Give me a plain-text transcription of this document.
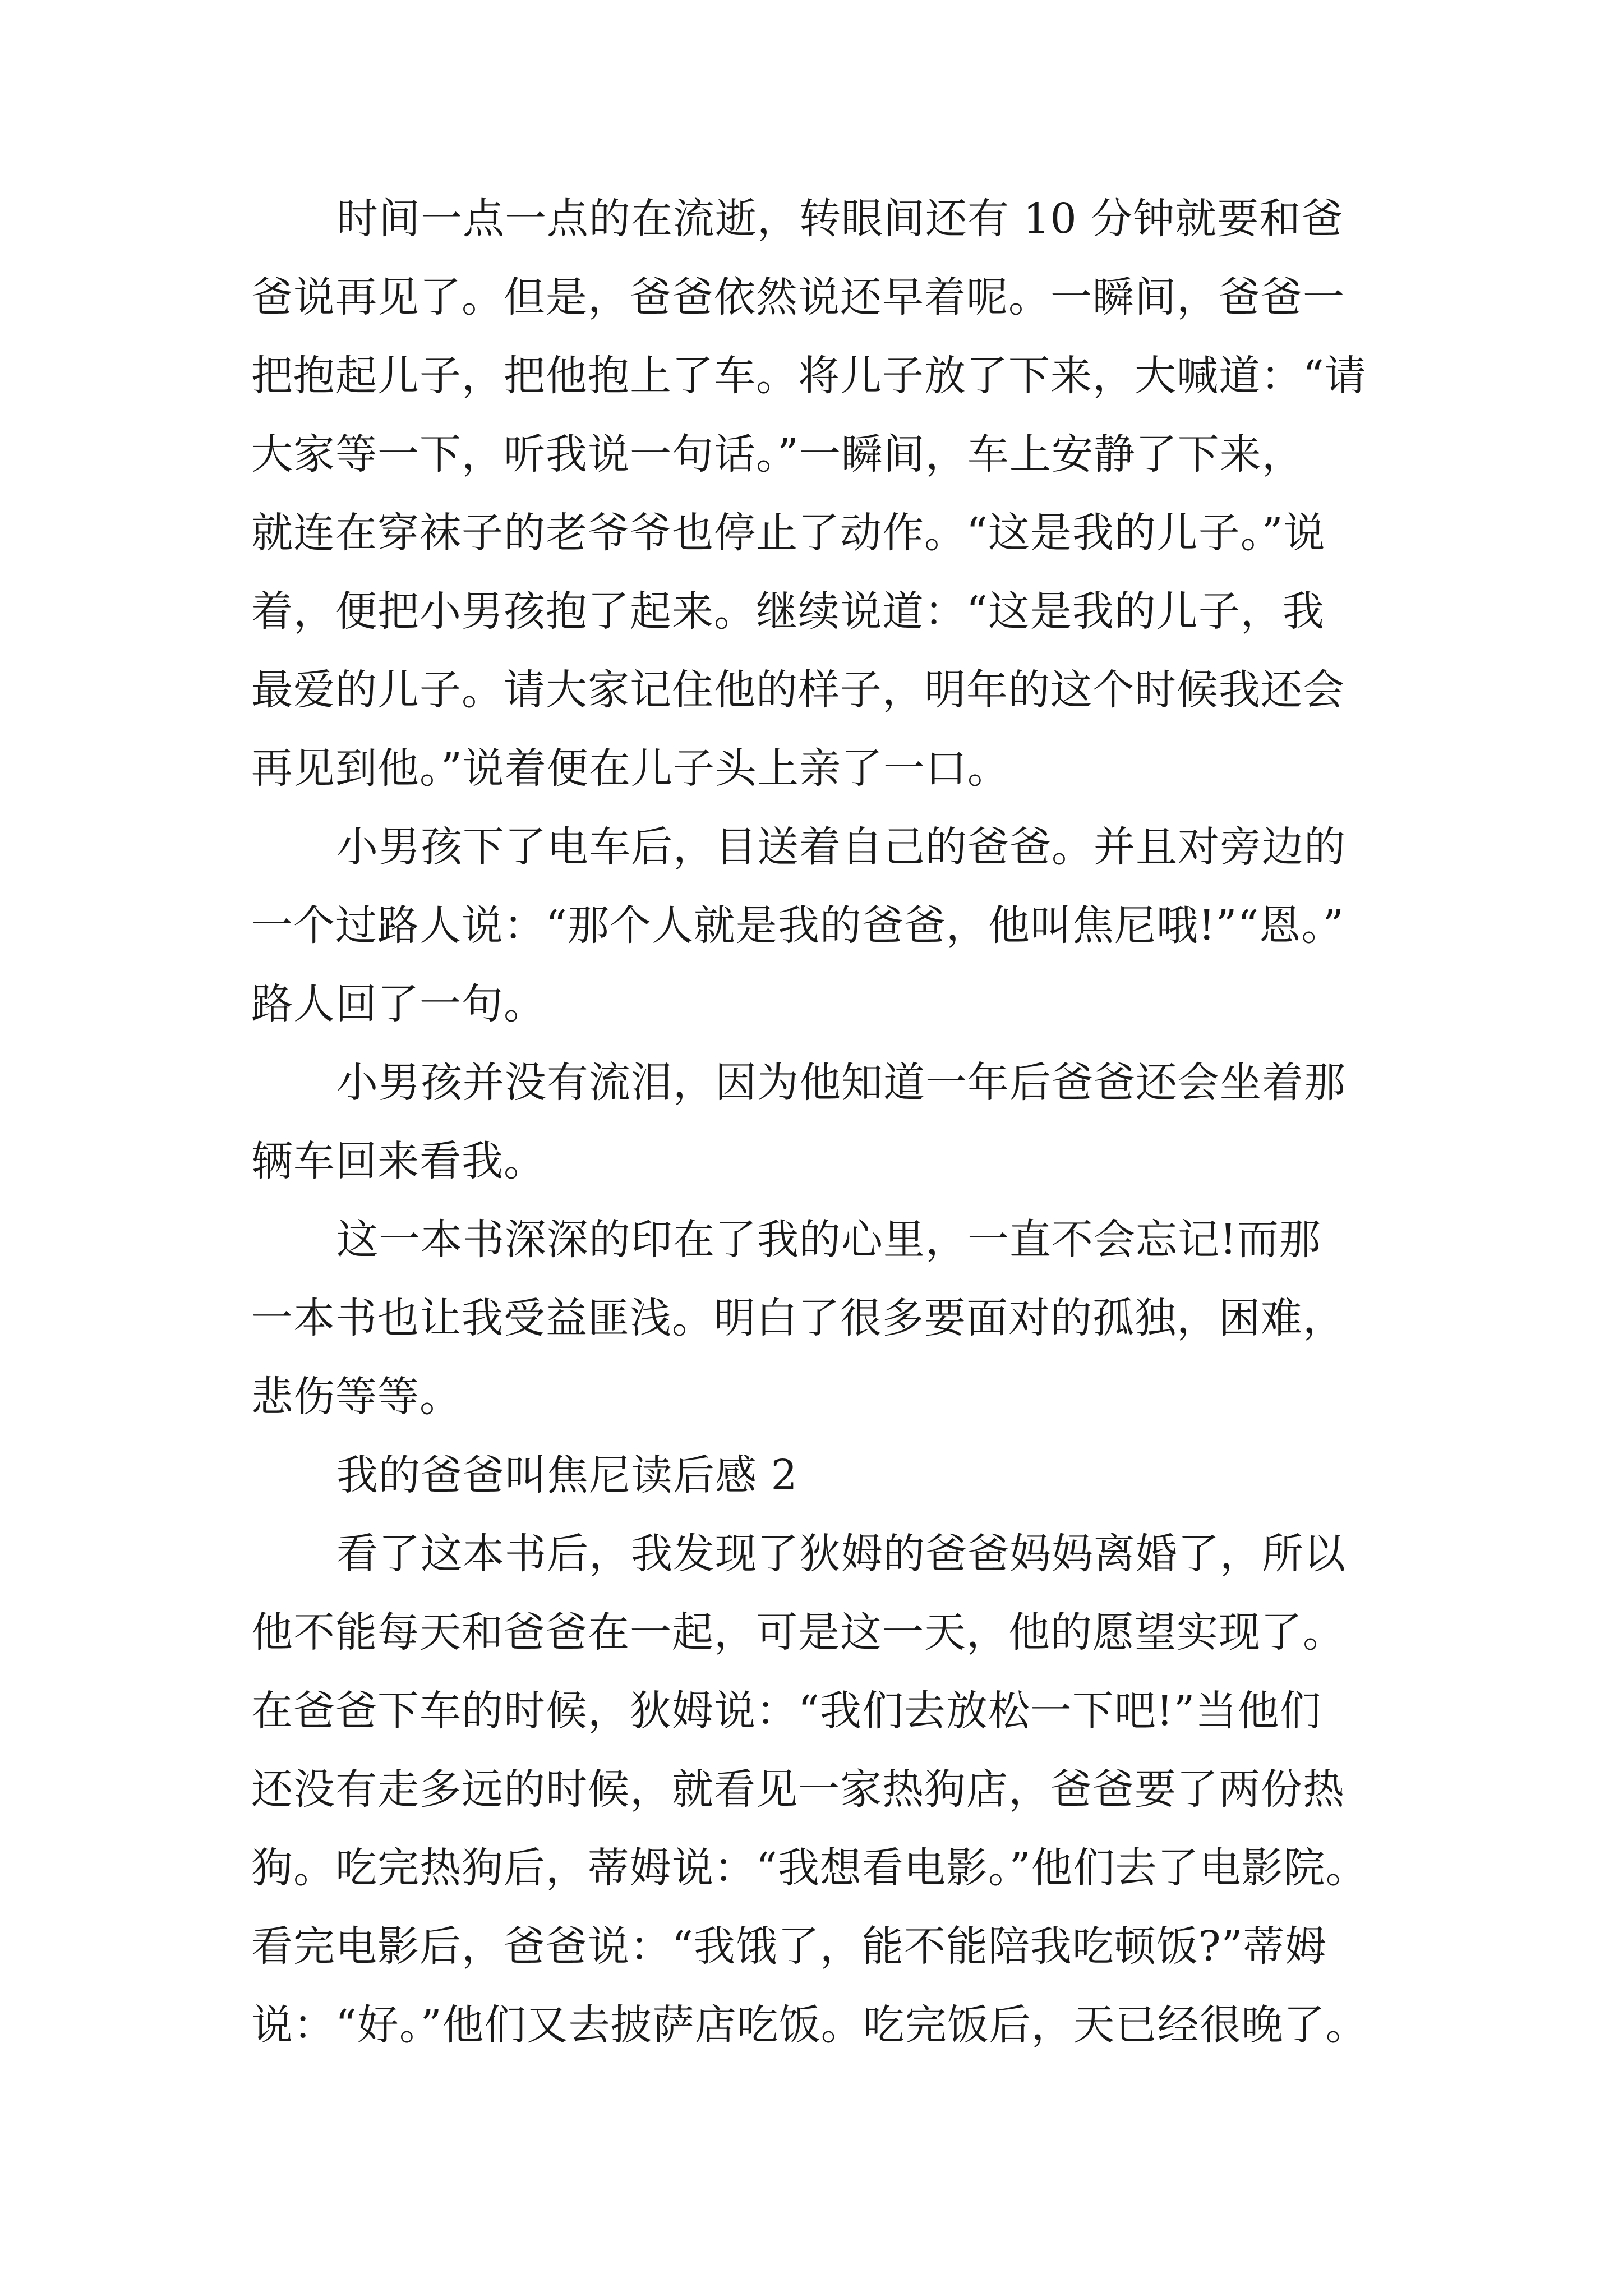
时间一点一点的在流逝，转眼间还有 10 分钟就要和爸
爸说再见了。但是，爸爸依然说还早着呢。一瞬间，爸爸一
把抱起儿子，把他抱上了车。将儿子放了下来，大喊道：“请
大家等一下，听我说一句话。”一瞬间，车上安静了下来，
就连在穿袜子的老爷爷也停止了动作。“这是我的儿子。”说
着，便把小男孩抱了起来。继续说道：“这是我的儿子，我
最爱的儿子。请大家记住他的样子，明年的这个时候我还会
再见到他。”说着便在儿子头上亲了一口。
小男孩下了电车后，目送着自己的爸爸。并且对旁边的
一个过路人说：“那个人就是我的爸爸，他叫焦尼哦!”“恩。”
路人回了一句。
小男孩并没有流泪，因为他知道一年后爸爸还会坐着那
辆车回来看我。
这一本书深深的印在了我的心里，一直不会忘记!而那
一本书也让我受益匪浅。明白了很多要面对的孤独，困难，
悲伤等等。
我的爸爸叫焦尼读后感 2
看了这本书后，我发现了狄姆的爸爸妈妈离婚了，所以
他不能每天和爸爸在一起，可是这一天，他的愿望实现了。
在爸爸下车的时候，狄姆说：“我们去放松一下吧!”当他们
还没有走多远的时候，就看见一家热狗店，爸爸要了两份热
狗。吃完热狗后，蒂姆说：“我想看电影。”他们去了电影院。
看完电影后，爸爸说：“我饿了，能不能陪我吃顿饭?”蒂姆
说：“好。”他们又去披萨店吃饭。吃完饭后，天已经很晚了。
